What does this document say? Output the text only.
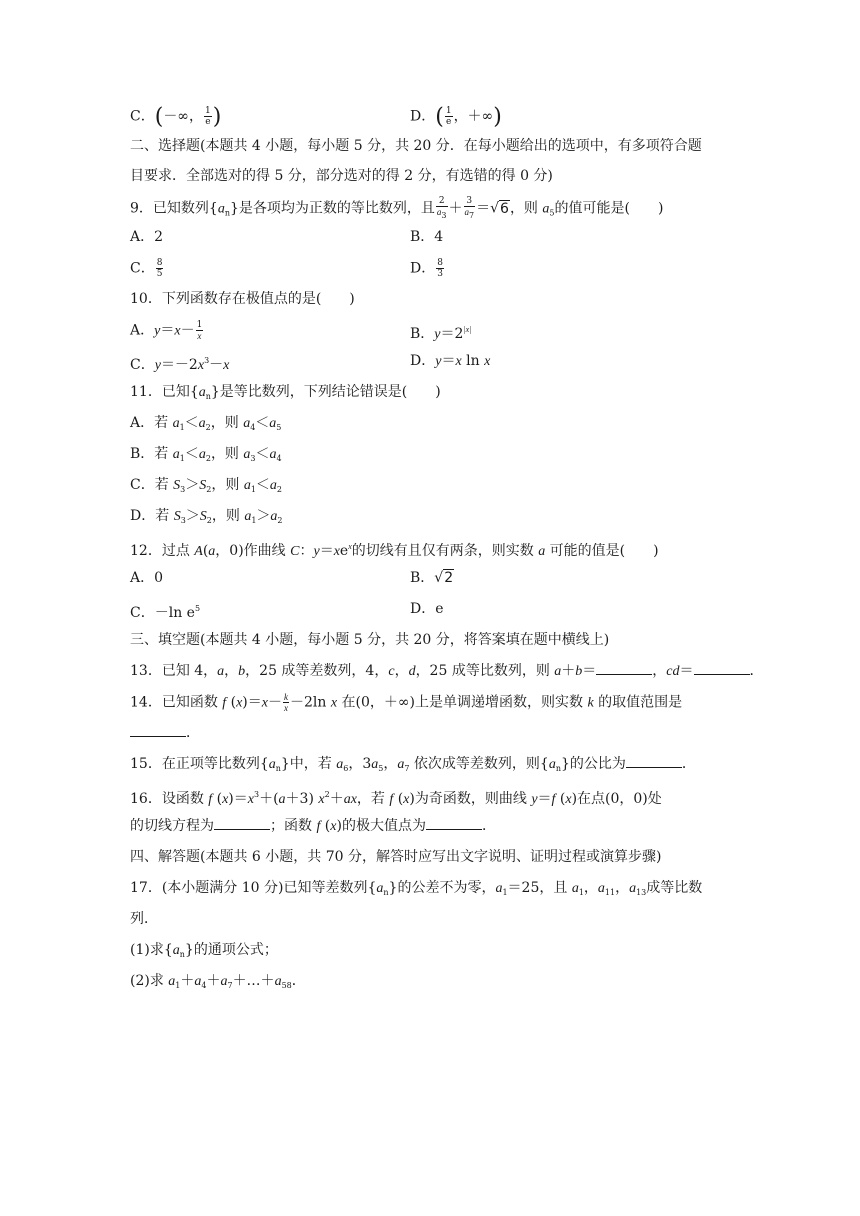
C．(－∞， $\frac{1}{e}$ )	D．( $\frac{1}{e}$ ，＋∞)

二、选择题(本题共 4 小题，每小题 5 分，共 20 分．在每小题给出的选项中，有多项符合题

目要求．全部选对的得 5 分，部分选对的得 2 分，有选错的得 0 分)

9．已知数列$\{a_n\}$是各项均为正数的等比数列，且 $\frac{2}{a3} + \frac{3}{a7} =√6$，则 $a_5$的值可能是(　　)

A．2	B．4
C． $\frac{8}{5}$	D． $\frac{8}{3}$

10．下列函数存在极值点的是(　　)

A．$y=x- \frac{1}{x}$	B．$y=2^{|x|}$
C．$y=-2x^3-x$	D．y＝x ln x

11．已知$\{a_n\}$是等比数列，下列结论错误是(　　)

A．若 $a_1<a_2$，则 $a_4<a_5$

B．若 $a_1<a_2$，则 $a_3<a_4$

C．若 $S_3>S_2$，则 $a_1<a_2$

D．若 $S_3>S_2$，则 $a_1>a_2$

12．过点 A(a，0)作曲线 C：$y=xe^x$的切线有且仅有两条，则实数 a 可能的值是(　　)

A．0	B．√2
C．－ln $e^5$	D．e

三、填空题(本题共 4 小题，每小题 5 分，共 20 分，将答案填在题中横线上)

13．已知 4，a，b，25 成等差数列，4，c，d，25 成等比数列，则 a＋b＝	，cd＝	．

14．已知函数 f $(x)=x- \frac{k}{x} -2\ln$ x 在(0，＋∞)上是单调递增函数，则实数 k 的取值范围是

．

15．在正项等比数列$\{a_n\}$中，若 $a_6$，$3a_5$，$a_7$ 依次成等差数列，则$\{a_n\}$的公比为	．

16．设函数 f $(x)=x^3+(a+3)$ $x^2+ax$，若 f (x)为奇函数，则曲线 y＝f (x)在点(0，0)处

的切线方程为	；函数 f (x)的极大值点为	．

四、解答题(本题共 6 小题，共 70 分，解答时应写出文字说明、证明过程或演算步骤)

17．(本小题满分 10 分)已知等差数列$\{a_n\}$的公差不为零，$a_1=25$，且 $a_1$，$a_{11}$，$a_{13}$成等比数

列．

(1)求$\{a_n\}$的通项公式；

(2)求 $a_1+a_4+a_7+\dots+a_{58}$．
